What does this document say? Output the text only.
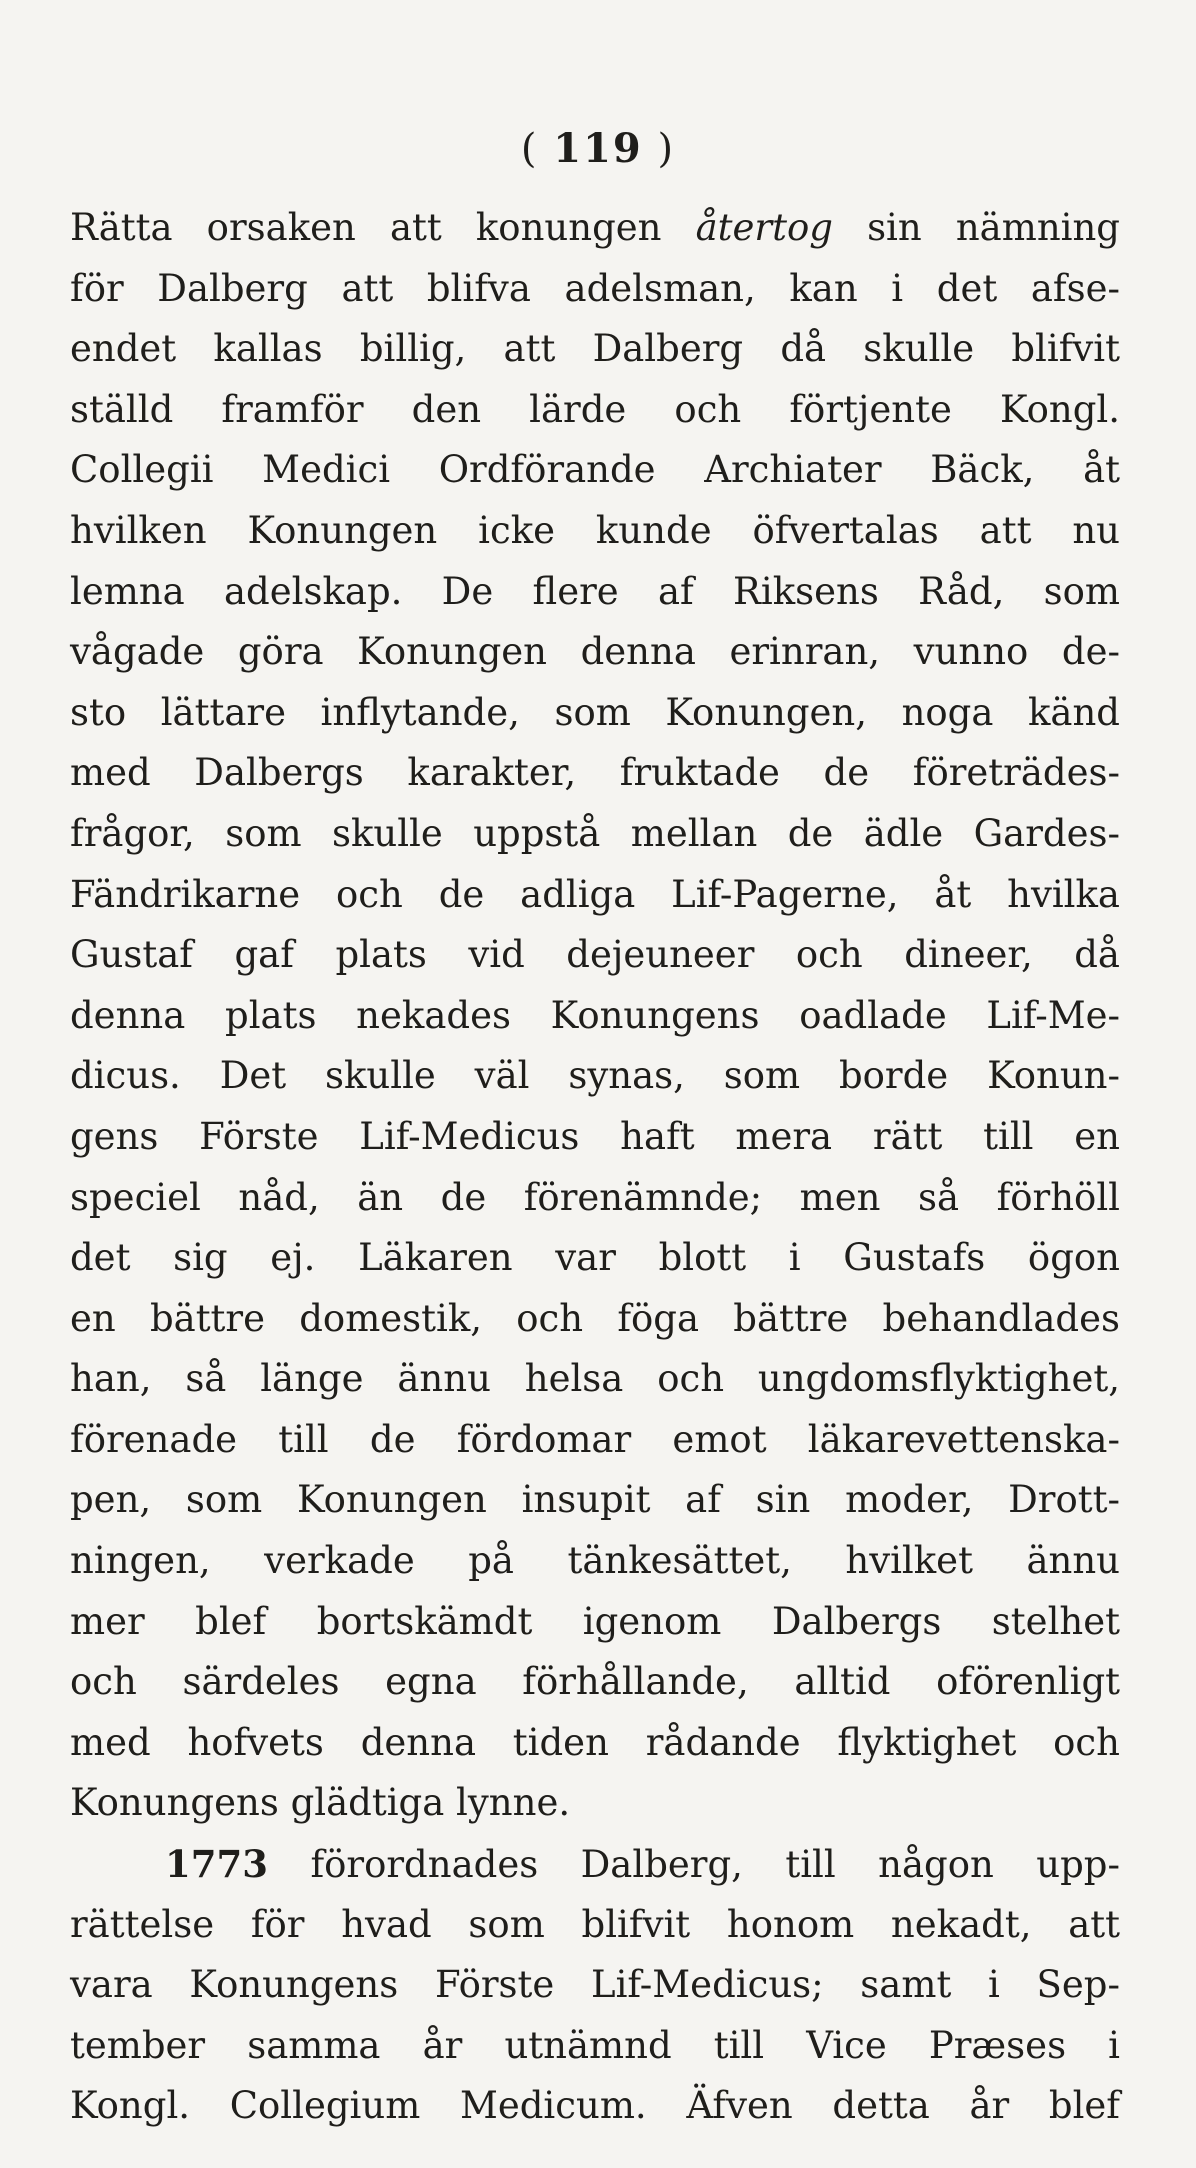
( 119 )
Rätta orsaken att konungen återtog sin nämning
för Dalberg att blifva adelsman, kan i det afse-
endet kallas billig, att Dalberg då skulle blifvit
ställd framför den lärde och förtjente Kongl.
Collegii Medici Ordförande Archiater Bäck, åt
hvilken Konungen icke kunde öfvertalas att nu
lemna adelskap. De flere af Riksens Råd, som
vågade göra Konungen denna erinran, vunno de-
sto lättare inflytande, som Konungen, noga känd
med Dalbergs karakter, fruktade de företrädes-
frågor, som skulle uppstå mellan de ädle Gardes-
Fändrikarne och de adliga Lif-Pagerne, åt hvilka
Gustaf gaf plats vid dejeuneer och dineer, då
denna plats nekades Konungens oadlade Lif-Me-
dicus. Det skulle väl synas, som borde Konun-
gens Förste Lif-Medicus haft mera rätt till en
speciel nåd, än de förenämnde; men så förhöll
det sig ej. Läkaren var blott i Gustafs ögon
en bättre domestik, och föga bättre behandlades
han, så länge ännu helsa och ungdomsflyktighet,
förenade till de fördomar emot läkarevettenska-
pen, som Konungen insupit af sin moder, Drott-
ningen, verkade på tänkesättet, hvilket ännu
mer blef bortskämdt igenom Dalbergs stelhet
och särdeles egna förhållande, alltid oförenligt
med hofvets denna tiden rådande flyktighet och
Konungens glädtiga lynne.
1773 förordnades Dalberg, till någon upp-
rättelse för hvad som blifvit honom nekadt, att
vara Konungens Förste Lif-Medicus; samt i Sep-
tember samma år utnämnd till Vice Præses i
Kongl. Collegium Medicum. Äfven detta år blef
